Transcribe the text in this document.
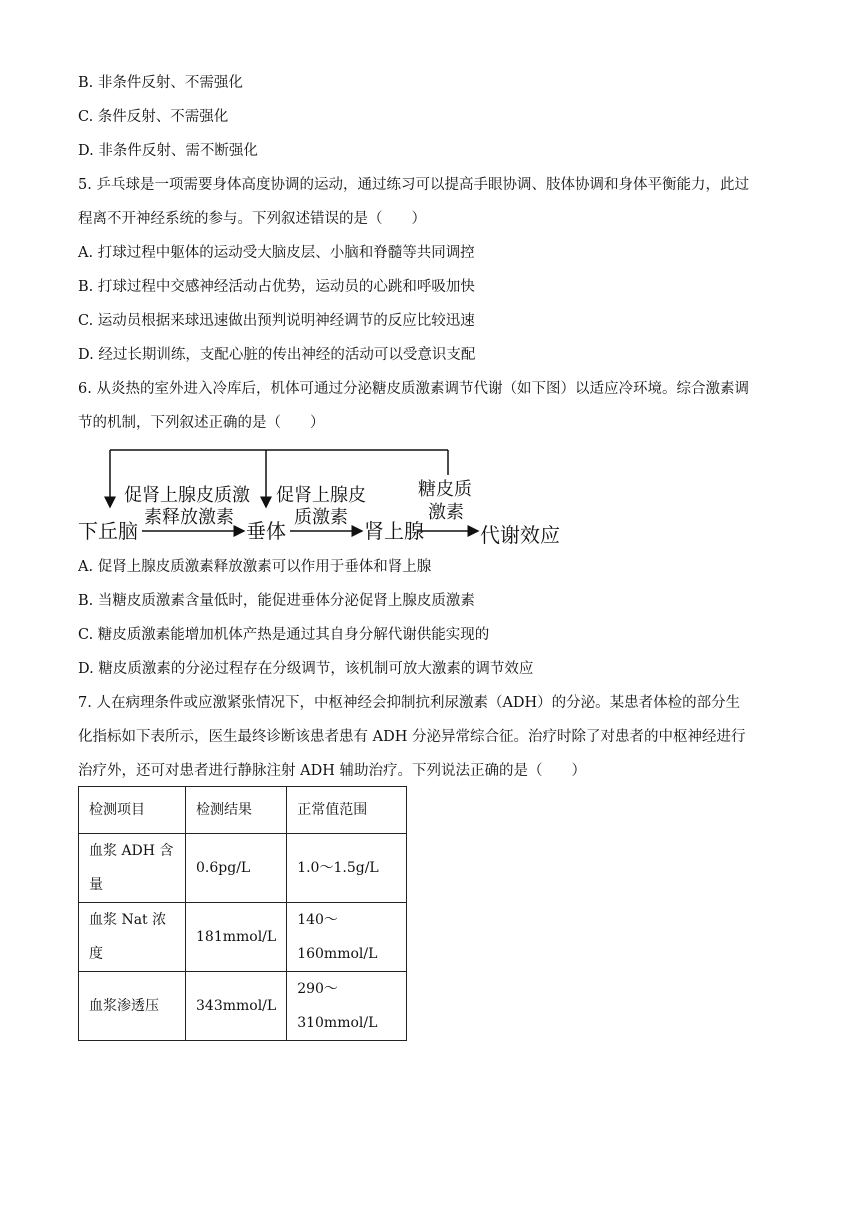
B. 非条件反射、不需强化
C. 条件反射、不需强化
D. 非条件反射、需不断强化
5. 乒乓球是一项需要身体高度协调的运动，通过练习可以提高手眼协调、肢体协调和身体平衡能力，此过
程离不开神经系统的参与。下列叙述错误的是（　　）
A. 打球过程中躯体的运动受大脑皮层、小脑和脊髓等共同调控
B. 打球过程中交感神经活动占优势，运动员的心跳和呼吸加快
C. 运动员根据来球迅速做出预判说明神经调节的反应比较迅速
D. 经过长期训练，支配心脏的传出神经的活动可以受意识支配
6. 从炎热的室外进入冷库后，机体可通过分泌糖皮质激素调节代谢（如下图）以适应冷环境。综合激素调
节的机制，下列叙述正确的是（　　）
下丘脑	垂体	肾上腺	代谢效应
促肾上腺皮质激
素释放激素
促肾上腺皮
质激素
糖皮质
激素
A. 促肾上腺皮质激素释放激素可以作用于垂体和肾上腺
B. 当糖皮质激素含量低时，能促进垂体分泌促肾上腺皮质激素
C. 糖皮质激素能增加机体产热是通过其自身分解代谢供能实现的
D. 糖皮质激素的分泌过程存在分级调节，该机制可放大激素的调节效应
7. 人在病理条件或应激紧张情况下，中枢神经会抑制抗利尿激素（ADH）的分泌。某患者体检的部分生
化指标如下表所示，医生最终诊断该患者患有 ADH 分泌异常综合征。治疗时除了对患者的中枢神经进行
治疗外，还可对患者进行静脉注射 ADH 辅助治疗。下列说法正确的是（　　）
检测项目	检测结果	正常值范围
血浆 ADH 含
量	0.6pg/L	1.0～1.5g/L
血浆 Nat 浓度	181mmol/L	140～
160mmol/L
血浆渗透压	343mmol/L	290～
310mmol/L
